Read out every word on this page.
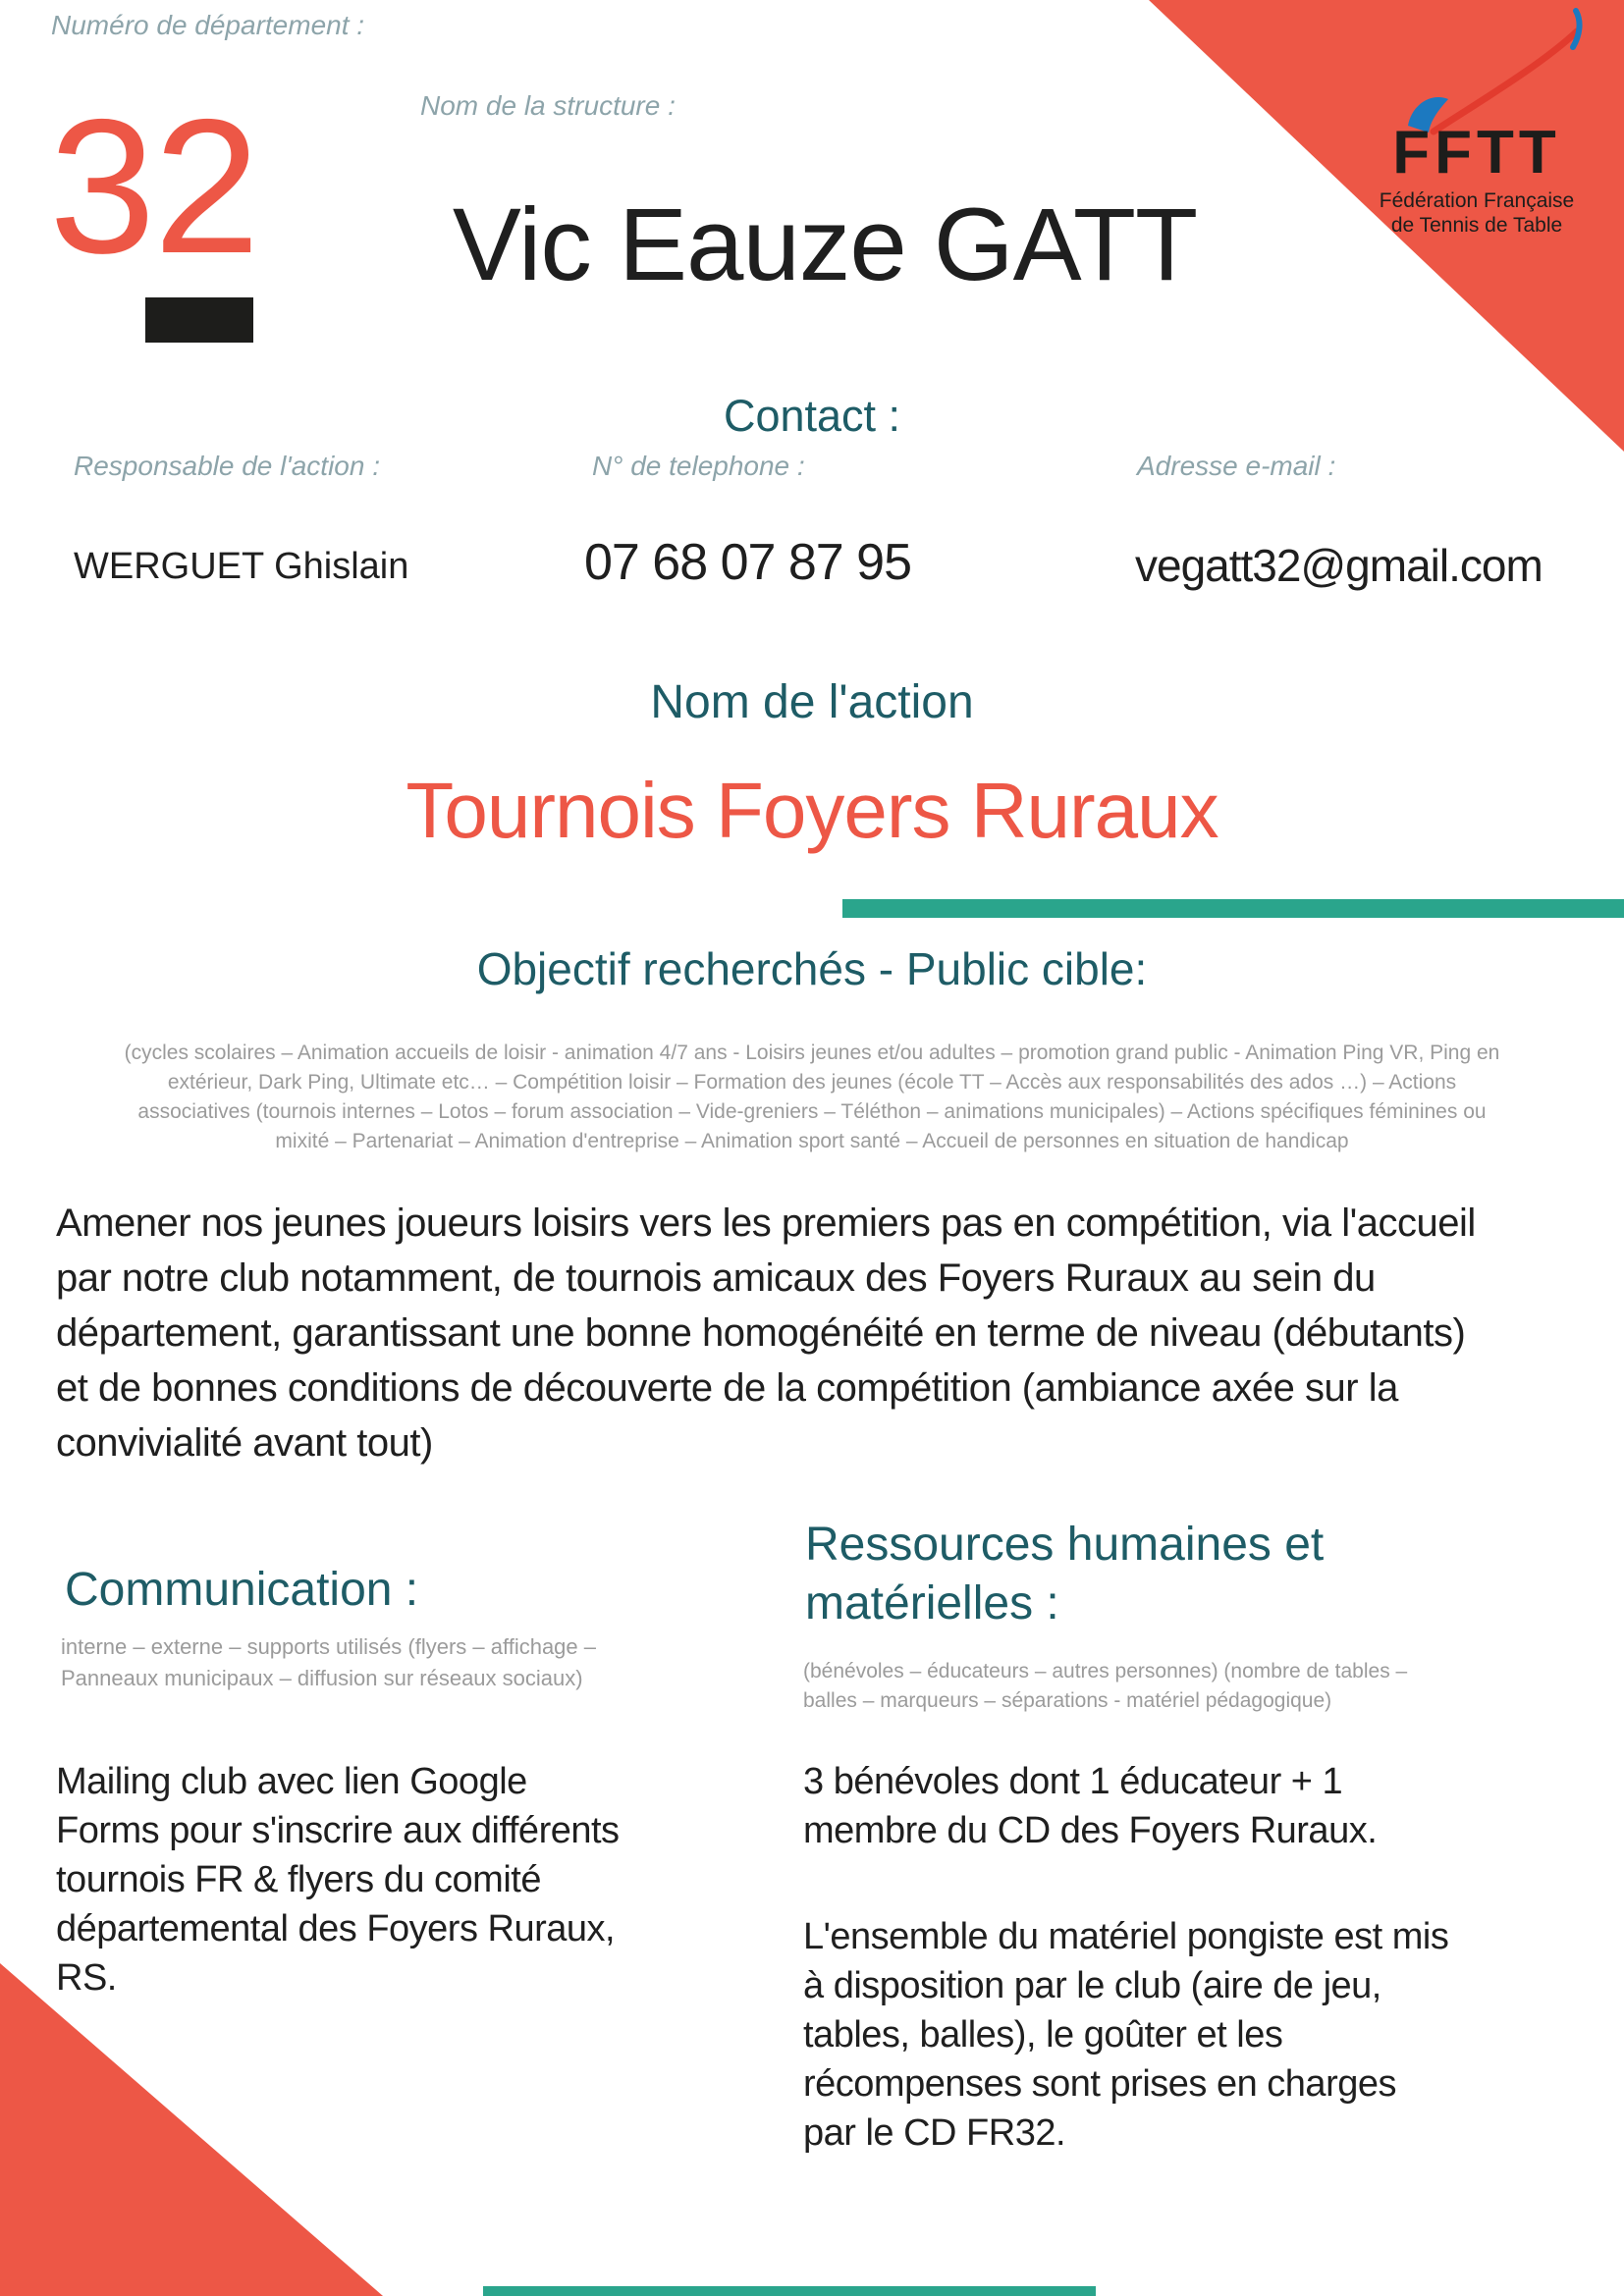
FFTT
Fédération Française
de Tennis de Table
Numéro de département :
32	Nom de la structure :
Vic Eauze GATT
Contact :
Responsable de l'action :	N° de telephone :	Adresse e-mail :
WERGUET Ghislain	07 68 07 87 95	vegatt32@gmail.com
Nom de l'action
Tournois Foyers Ruraux
Objectif recherchés - Public cible:
(cycles scolaires – Animation accueils de loisir - animation 4/7 ans - Loisirs jeunes et/ou adultes – promotion grand public - Animation Ping VR, Ping en extérieur, Dark Ping, Ultimate etc… – Compétition loisir – Formation des jeunes (école TT – Accès aux responsabilités des ados …) – Actions associatives (tournois internes – Lotos – forum association – Vide-greniers – Téléthon – animations municipales) – Actions spécifiques féminines ou mixité – Partenariat – Animation d'entreprise – Animation sport santé – Accueil de personnes en situation de handicap
Amener nos jeunes joueurs loisirs vers les premiers pas en compétition, via l'accueil par notre club notamment, de tournois amicaux des Foyers Ruraux au sein du département, garantissant une bonne homogénéité en terme de niveau (débutants) et de bonnes conditions de découverte de la compétition (ambiance axée sur la convivialité avant tout)
Communication :
interne – externe – supports utilisés (flyers – affichage – Panneaux municipaux – diffusion sur réseaux sociaux)
Mailing club avec lien Google Forms pour s'inscrire aux différents tournois FR & flyers du comité départemental des Foyers Ruraux, RS.
Ressources humaines et matérielles :
(bénévoles – éducateurs – autres personnes) (nombre de tables – balles – marqueurs – séparations - matériel pédagogique)
3 bénévoles dont 1 éducateur + 1 membre du CD des Foyers Ruraux.
L'ensemble du matériel pongiste est mis à disposition par le club (aire de jeu, tables, balles), le goûter et les récompenses sont prises en charges par le CD FR32.
